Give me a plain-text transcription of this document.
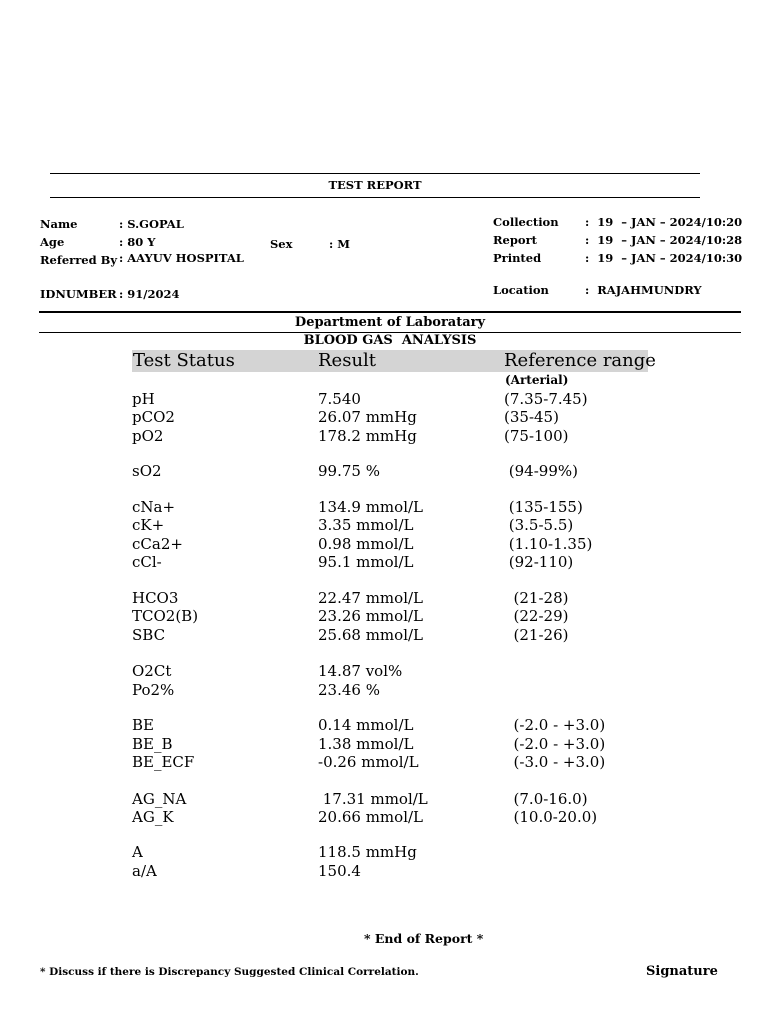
TEST REPORT
Name	: S.GOPAL
Age	: 80 Y	Sex	: M
Referred By : AAYUV HOSPITAL
IDNUMBER : 91/2024
Collection :  19  – JAN – 2024/10:20
Report	:  19  – JAN – 2024/10:28
Printed	:  19  – JAN – 2024/10:30
Location	:  RAJAHMUNDRY
Department of Laboratary
BLOOD GAS  ANALYSIS
Test Status	Result	Reference range
(Arterial)
pH	7.540	(7.35-7.45)
pCO2	26.07 mmHg	(35-45)
pO2	178.2 mmHg	(75-100)
sO2	99.75 %	(94-99%)
cNa+	134.9 mmol/L	(135-155)
cK+	3.35 mmol/L	(3.5-5.5)
cCa2+	0.98 mmol/L	(1.10-1.35)
cCl-	95.1 mmol/L	(92-110)
HCO3	22.47 mmol/L	(21-28)
TCO2(B)	23.26 mmol/L	(22-29)
SBC	25.68 mmol/L	(21-26)
O2Ct	14.87 vol%
Po2%	23.46 %
BE	0.14 mmol/L	(-2.0 - +3.0)
BE_B	1.38 mmol/L	(-2.0 - +3.0)
BE_ECF	-0.26 mmol/L	(-3.0 - +3.0)
AG_NA	17.31 mmol/L	(7.0-16.0)
AG_K	20.66 mmol/L	(10.0-20.0)
A	118.5 mmHg
a/A	150.4
* End of Report *
* Discuss if there is Discrepancy Suggested Clinical Correlation.	Signature
